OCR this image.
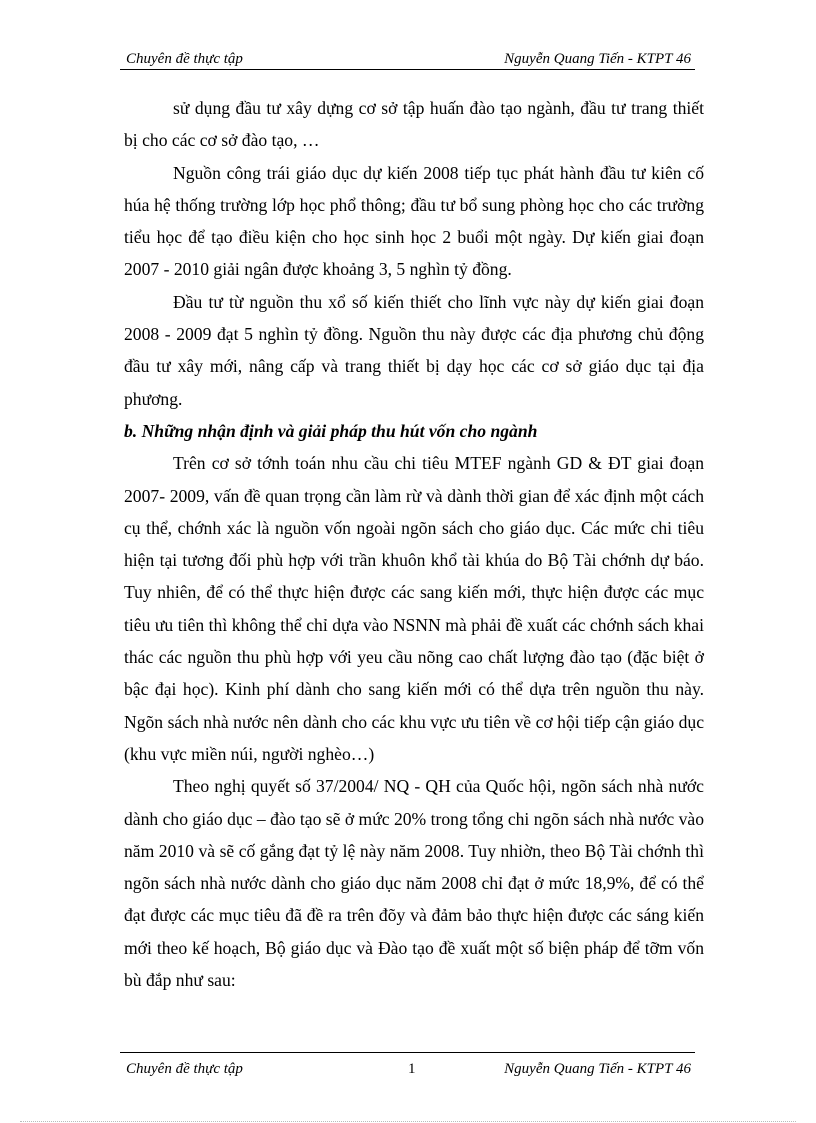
Chuyên đề thực tập	Nguyễn Quang Tiến - KTPT 46

sử dụng đầu tư xây dựng cơ sở tập huấn đào tạo ngành, đầu tư trang thiết bị cho các cơ sở đào tạo, …

Nguồn công trái giáo dục dự kiến 2008 tiếp tục phát hành đầu tư kiên cố húa hệ thống trường lớp học phổ thông; đầu tư bổ sung phòng học cho các trường tiểu học để tạo điều kiện cho học sinh học 2 buổi một ngày. Dự kiến giai đoạn 2007 - 2010 giải ngân được khoảng 3, 5 nghìn tỷ đồng.

Đầu tư từ nguồn thu xổ số kiến thiết cho lĩnh vực này dự kiến giai đoạn 2008 - 2009 đạt 5 nghìn tỷ đồng. Nguồn thu này được các địa phương chủ động đầu tư xây mới, nâng cấp và trang thiết bị dạy học các cơ sở giáo dục tại địa phương.

b. Những nhận định và giải pháp thu hút vốn cho ngành

Trên cơ sở tớnh toán nhu cầu chi tiêu MTEF ngành GD & ĐT giai đoạn 2007- 2009, vấn đề quan trọng cần làm rừ và dành thời gian để xác định một cách cụ thể, chớnh xác là nguồn vốn ngoài ngõn sách cho giáo dục. Các mức chi tiêu hiện tại tương đối phù hợp với trần khuôn khổ tài khúa do Bộ Tài chớnh dự báo. Tuy nhiên, để có thể thực hiện được các sang kiến mới, thực hiện được các mục tiêu ưu tiên thì không thể chỉ dựa vào NSNN mà phải đề xuất các chớnh sách khai thác các nguồn thu phù hợp với yeu cầu nõng cao chất lượng đào tạo (đặc biệt ở bậc đại học). Kinh phí dành cho sang kiến mới có thể dựa trên nguồn thu này. Ngõn sách nhà nước nên dành cho các khu vực ưu tiên về cơ hội tiếp cận giáo dục (khu vực miền núi, người nghèo…)

Theo nghị quyết số 37/2004/ NQ - QH của Quốc hội, ngõn sách nhà nước dành cho giáo dục – đào tạo sẽ ở mức 20% trong tổng chi ngõn sách nhà nước vào năm 2010 và sẽ cố gắng đạt tỷ lệ này năm 2008. Tuy nhiờn, theo Bộ Tài chớnh thì ngõn sách nhà nước dành cho giáo dục năm 2008 chỉ đạt ở mức 18,9%, để có thể đạt được các mục tiêu đã đề ra trên đõy và đảm bảo thực hiện được các sáng kiến mới theo kế hoạch, Bộ giáo dục và Đào tạo đề xuất một số biện pháp để tỡm vốn bù đắp như sau:

Chuyên đề thực tập	1	Nguyễn Quang Tiến - KTPT 46
